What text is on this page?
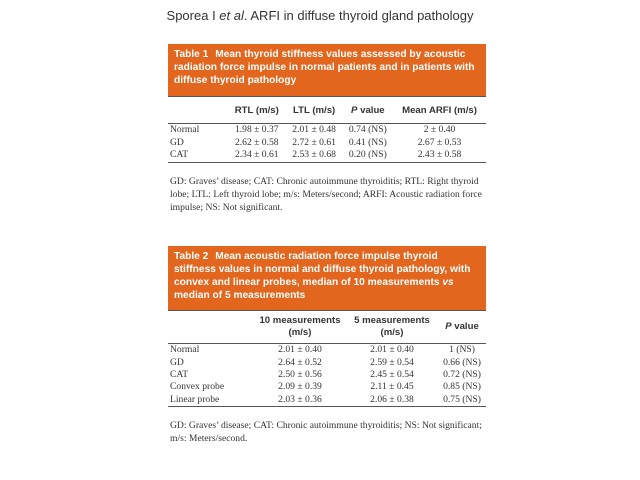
Sporea I et al. ARFI in diffuse thyroid gland pathology
Table 1 Mean thyroid stiffness values assessed by acoustic radiation force impulse in normal patients and in patients with diffuse thyroid pathology
	RTL (m/s)	LTL (m/s)	P value	Mean ARFI (m/s)
Normal	1.98 ± 0.37	2.01 ± 0.48	0.74 (NS)	2 ± 0.40
GD	2.62 ± 0.58	2.72 ± 0.61	0.41 (NS)	2.67 ± 0.53
CAT	2.34 ± 0.61	2.53 ± 0.68	0.20 (NS)	2.43 ± 0.58
GD: Graves’ disease; CAT: Chronic autoimmune thyroiditis; RTL: Right thyroid lobe; LTL: Left thyroid lobe; m/s: Meters/second; ARFI: Acoustic radiation force impulse; NS: Not significant.
Table 2 Mean acoustic radiation force impulse thyroid stiffness values in normal and diffuse thyroid pathology, with convex and linear probes, median of 10 measurements vs median of 5 measurements
	10 measurements (m/s)	5 measurements (m/s)	P value
Normal	2.01 ± 0.40	2.01 ± 0.40	1 (NS)
GD	2.64 ± 0.52	2.59 ± 0.54	0.66 (NS)
CAT	2.50 ± 0.56	2.45 ± 0.54	0.72 (NS)
Convex probe	2.09 ± 0.39	2.11 ± 0.45	0.85 (NS)
Linear probe	2.03 ± 0.36	2.06 ± 0.38	0.75 (NS)
GD: Graves’ disease; CAT: Chronic autoimmune thyroiditis; NS: Not significant; m/s: Meters/second.
